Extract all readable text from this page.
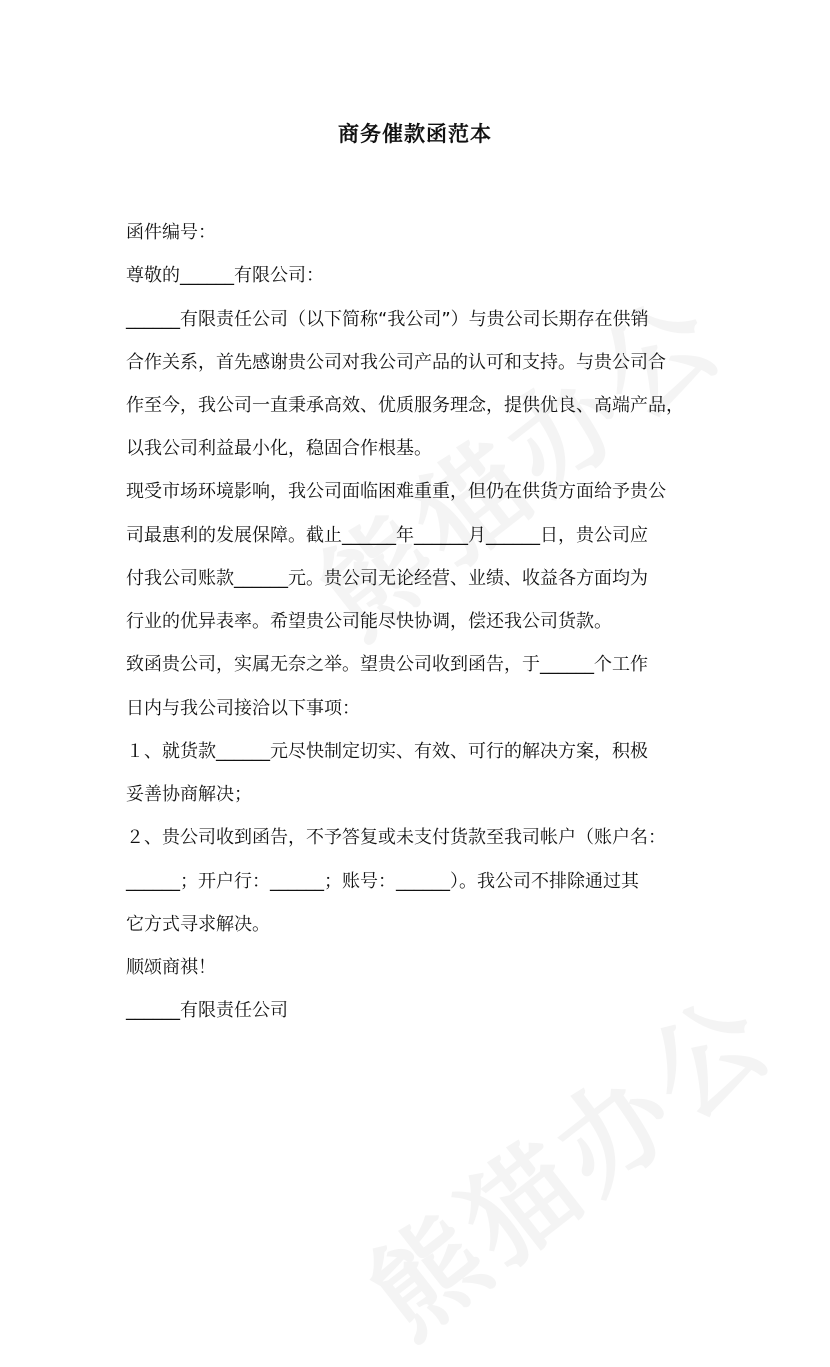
商务催款函范本
函件编号：
尊敬的______有限公司：
______有限责任公司（以下简称“我公司”）与贵公司长期存在供销
合作关系，首先感谢贵公司对我公司产品的认可和支持。与贵公司合
作至今，我公司一直秉承高效、优质服务理念，提供优良、高端产品，
以我公司利益最小化，稳固合作根基。
现受市场环境影响，我公司面临困难重重，但仍在供货方面给予贵公
司最惠利的发展保障。截止______年______月______日，贵公司应
付我公司账款______元。贵公司无论经营、业绩、收益各方面均为
行业的优异表率。希望贵公司能尽快协调，偿还我公司货款。
致函贵公司，实属无奈之举。望贵公司收到函告，于______个工作
日内与我公司接洽以下事项：
１、就货款______元尽快制定切实、有效、可行的解决方案，积极
妥善协商解决；
２、贵公司收到函告，不予答复或未支付货款至我司帐户（账户名：
______；开户行：______；账号：______）。我公司不排除通过其
它方式寻求解决。
顺颂商祺！
______有限责任公司
